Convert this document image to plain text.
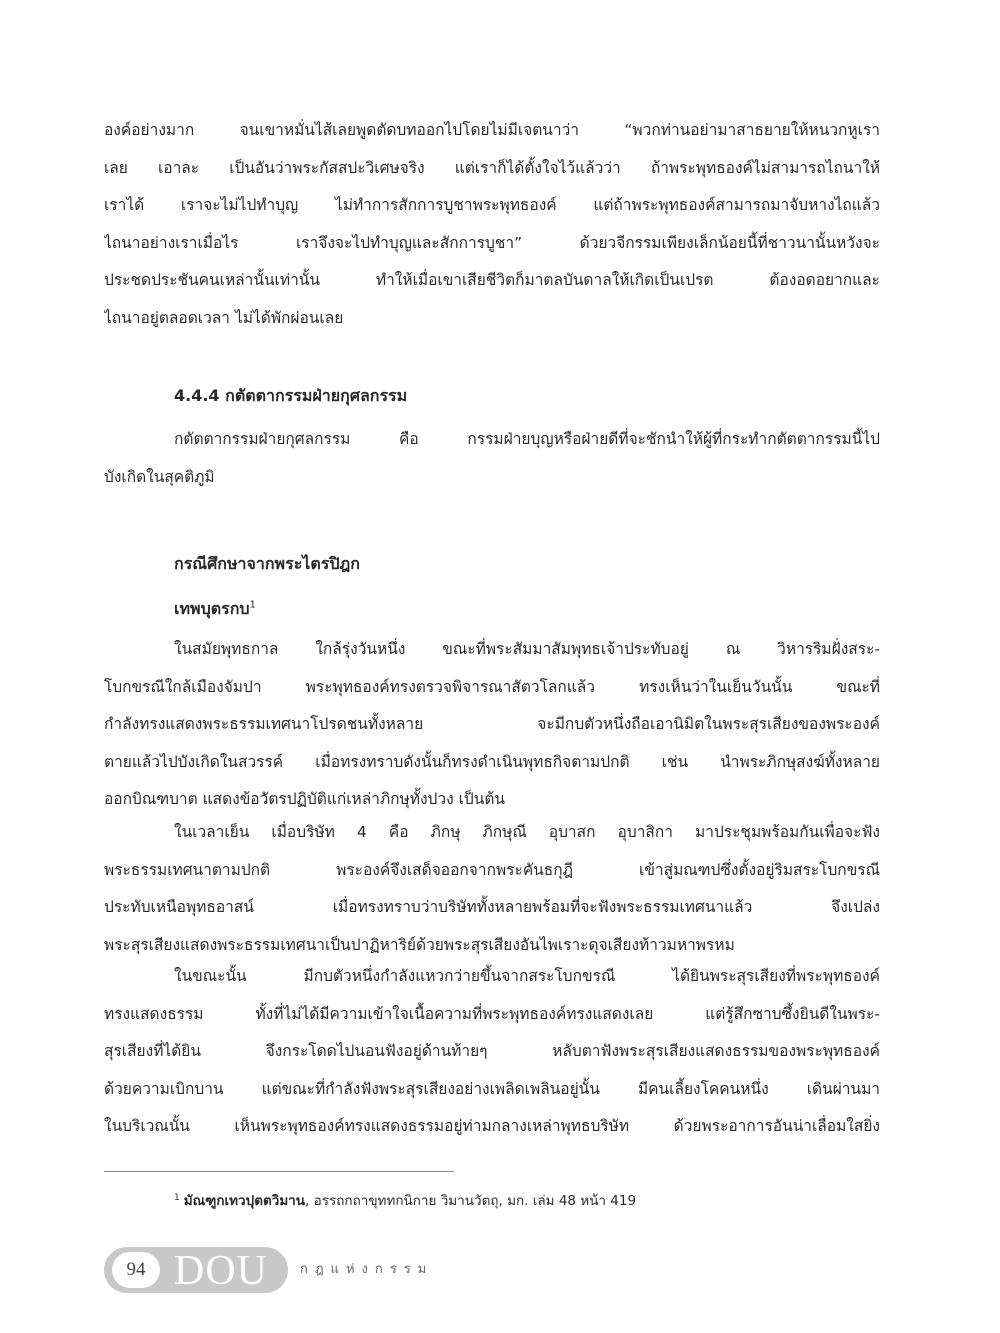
องค์อย่างมาก จนเขาหมั่นไส้เลยพูดตัดบทออกไปโดยไม่มีเจตนาว่า “พวกท่านอย่ามาสาธยายให้หนวกหูเรา
เลย เอาละ เป็นอันว่าพระกัสสปะวิเศษจริง แต่เราก็ได้ตั้งใจไว้แล้วว่า ถ้าพระพุทธองค์ไม่สามารถไถนาให้
เราได้ เราจะไม่ไปทำบุญ ไม่ทำการสักการบูชาพระพุทธองค์ แต่ถ้าพระพุทธองค์สามารถมาจับหางไถแล้ว
ไถนาอย่างเราเมื่อไร เราจึงจะไปทำบุญและสักการบูชา” ด้วยวจีกรรมเพียงเล็กน้อยนี้ที่ชาวนานั้นหวังจะ
ประชดประชันคนเหล่านั้นเท่านั้น ทำให้เมื่อเขาเสียชีวิตก็มาตลบันดาลให้เกิดเป็นเปรต ต้องอดอยากและ
ไถนาอยู่ตลอดเวลา ไม่ได้พักผ่อนเลย
4.4.4 กตัตตากรรมฝ่ายกุศลกรรม
กตัตตากรรมฝ่ายกุศลกรรม คือ กรรมฝ่ายบุญหรือฝ่ายดีที่จะชักนำให้ผู้ที่กระทำกตัตตากรรมนี้ไป
บังเกิดในสุคติภูมิ
กรณีศึกษาจากพระไตรปิฎก
เทพบุตรกบ$^1$
ในสมัยพุทธกาล ใกล้รุ่งวันหนึ่ง ขณะที่พระสัมมาสัมพุทธเจ้าประทับอยู่ ณ วิหารริมฝั่งสระ-
โบกขรณีใกล้เมืองจัมปา พระพุทธองค์ทรงตรวจพิจารณาสัตวโลกแล้ว ทรงเห็นว่าในเย็นวันนั้น ขณะที่
กำลังทรงแสดงพระธรรมเทศนาโปรดชนทั้งหลาย จะมีกบตัวหนึ่งถือเอานิมิตในพระสุรเสียงของพระองค์
ตายแล้วไปบังเกิดในสวรรค์ เมื่อทรงทราบดังนั้นก็ทรงดำเนินพุทธกิจตามปกติ เช่น นำพระภิกษุสงฆ์ทั้งหลาย
ออกบิณฑบาต แสดงข้อวัตรปฏิบัติแก่เหล่าภิกษุทั้งปวง เป็นต้น
ในเวลาเย็น เมื่อบริษัท 4 คือ ภิกษุ ภิกษุณี อุบาสก อุบาสิกา มาประชุมพร้อมกันเพื่อจะฟัง
พระธรรมเทศนาตามปกติ พระองค์จึงเสด็จออกจากพระคันธกุฎี เข้าสู่มณฑปซึ่งตั้งอยู่ริมสระโบกขรณี
ประทับเหนือพุทธอาสน์ เมื่อทรงทราบว่าบริษัททั้งหลายพร้อมที่จะฟังพระธรรมเทศนาแล้ว จึงเปล่ง
พระสุรเสียงแสดงพระธรรมเทศนาเป็นปาฏิหาริย์ด้วยพระสุรเสียงอันไพเราะดุจเสียงท้าวมหาพรหม
ในขณะนั้น มีกบตัวหนึ่งกำลังแหวกว่ายขึ้นจากสระโบกขรณี ได้ยินพระสุรเสียงที่พระพุทธองค์
ทรงแสดงธรรม ทั้งที่ไม่ได้มีความเข้าใจเนื้อความที่พระพุทธองค์ทรงแสดงเลย แต่รู้สึกซาบซึ้งยินดีในพระ-
สุรเสียงที่ได้ยิน จึงกระโดดไปนอนฟังอยู่ด้านท้ายๆ หลับตาฟังพระสุรเสียงแสดงธรรมของพระพุทธองค์
ด้วยความเบิกบาน แต่ขณะที่กำลังฟังพระสุรเสียงอย่างเพลิดเพลินอยู่นั้น มีคนเลี้ยงโคคนหนึ่ง เดินผ่านมา
ในบริเวณนั้น เห็นพระพุทธองค์ทรงแสดงธรรมอยู่ท่ามกลางเหล่าพุทธบริษัท ด้วยพระอาการอันน่าเลื่อมใสยิ่ง
$^1$ มัณฑูกเทวปุตตวิมาน, อรรถกถาขุททกนิกาย วิมานวัตถุ, มก. เล่ม 48 หน้า 419
94 DOU กฎแห่งกรรม
